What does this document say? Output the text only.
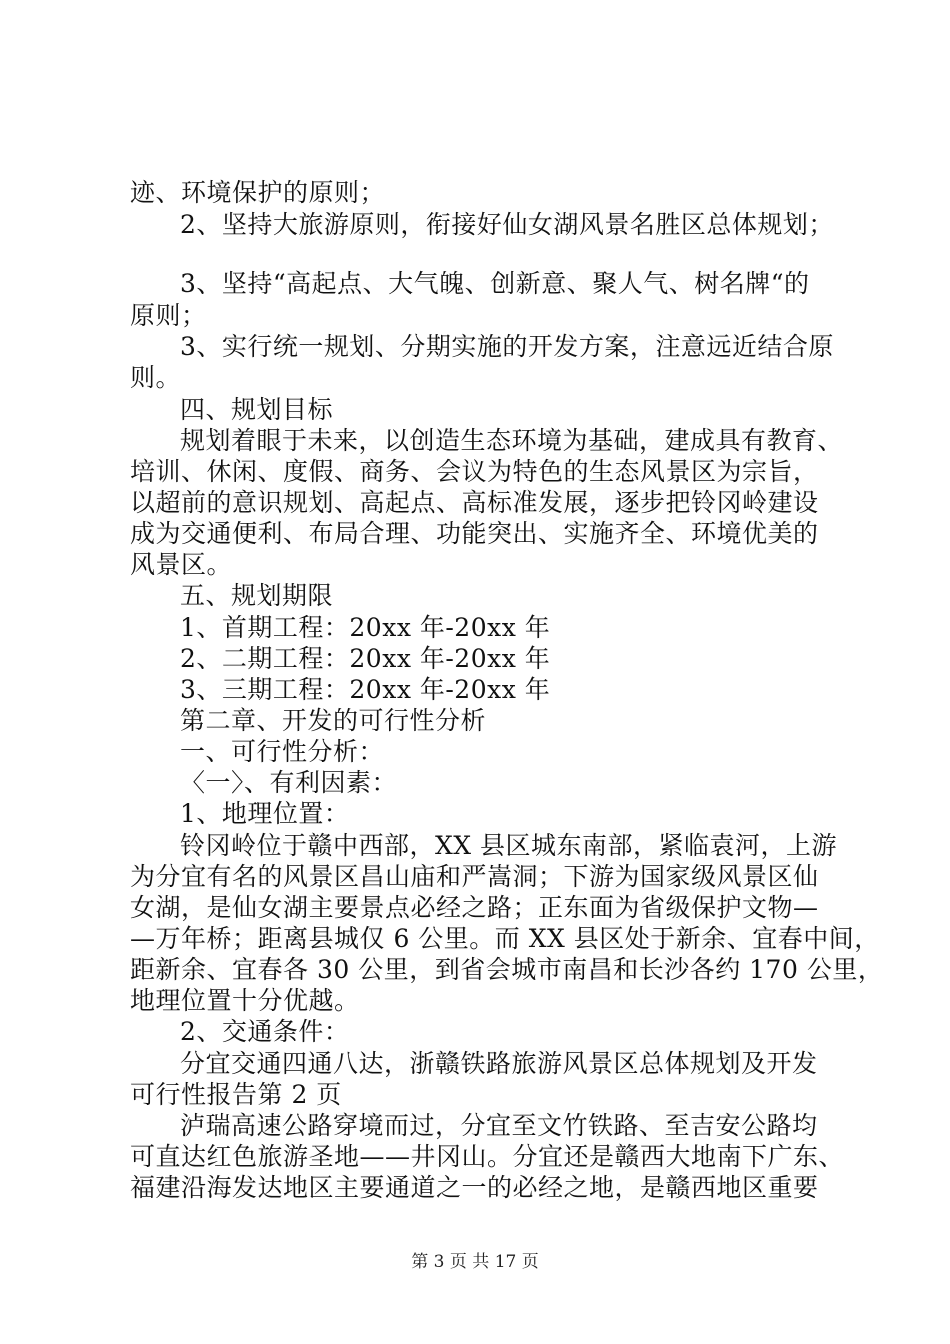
迹、环境保护的原则；
2、坚持大旅游原则，衔接好仙女湖风景名胜区总体规划；
3、坚持“高起点、大气魄、创新意、聚人气、树名牌“的
原则；
3、实行统一规划、分期实施的开发方案，注意远近结合原
则。
四、规划目标
规划着眼于未来，以创造生态环境为基础，建成具有教育、
培训、休闲、度假、商务、会议为特色的生态风景区为宗旨，
以超前的意识规划、高起点、高标准发展，逐步把铃冈岭建设
成为交通便利、布局合理、功能突出、实施齐全、环境优美的
风景区。
五、规划期限
1、首期工程：20xx 年-20xx 年
2、二期工程：20xx 年-20xx 年
3、三期工程：20xx 年-20xx 年
第二章、开发的可行性分析
一、可行性分析：
〈一〉、有利因素：
1、地理位置：
铃冈岭位于赣中西部，XX 县区城东南部，紧临袁河，上游
为分宜有名的风景区昌山庙和严嵩洞；下游为国家级风景区仙
女湖，是仙女湖主要景点必经之路；正东面为省级保护文物—
—万年桥；距离县城仅 6 公里。而 XX 县区处于新余、宜春中间，
距新余、宜春各 30 公里，到省会城市南昌和长沙各约 170 公里，
地理位置十分优越。
2、交通条件：
分宜交通四通八达，浙赣铁路旅游风景区总体规划及开发
可行性报告第 2 页
泸瑞高速公路穿境而过，分宜至文竹铁路、至吉安公路均
可直达红色旅游圣地——井冈山。分宜还是赣西大地南下广东、
福建沿海发达地区主要通道之一的必经之地，是赣西地区重要
第 3 页 共 17 页
